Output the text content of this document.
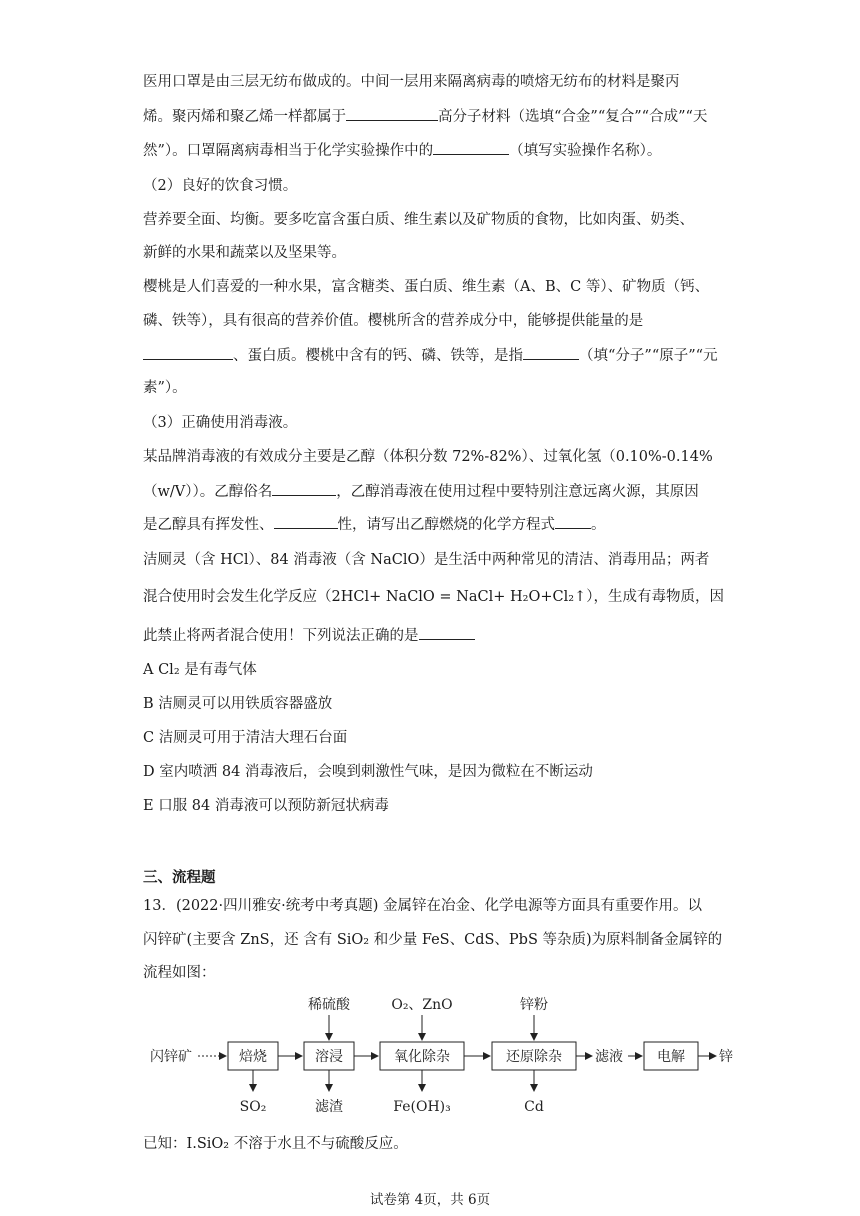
医用口罩是由三层无纺布做成的。中间一层用来隔离病毒的喷熔无纺布的材料是聚丙
烯。聚丙烯和聚乙烯一样都属于	高分子材料（选填“合金”“复合”“合成”“天
然”）。口罩隔离病毒相当于化学实验操作中的	（填写实验操作名称）。
（2）良好的饮食习惯。
营养要全面、均衡。要多吃富含蛋白质、维生素以及矿物质的食物，比如肉蛋、奶类、
新鲜的水果和蔬菜以及坚果等。
樱桃是人们喜爱的一种水果，富含糖类、蛋白质、维生素（A、B、C 等）、矿物质（钙、
磷、铁等），具有很高的营养价值。樱桃所含的营养成分中，能够提供能量的是
、蛋白质。樱桃中含有的钙、磷、铁等，是指	（填“分子”“原子”“元
素”）。
（3）正确使用消毒液。
某品牌消毒液的有效成分主要是乙醇（体积分数 72%-82%）、过氧化氢（0.10%-0.14%
（w/V））。乙醇俗名	，乙醇消毒液在使用过程中要特别注意远离火源，其原因
是乙醇具有挥发性、	性，请写出乙醇燃烧的化学方程式 。
洁厕灵（含 HCl）、84 消毒液（含 NaClO）是生活中两种常见的清洁、消毒用品；两者
混合使用时会发生化学反应（2HCl+ NaClO = NaCl+ H₂O+Cl₂↑），生成有毒物质，因
此禁止将两者混合使用！下列说法正确的是
A Cl₂ 是有毒气体
B 洁厕灵可以用铁质容器盛放
C 洁厕灵可用于清洁大理石台面
D 室内喷洒 84 消毒液后，会嗅到刺激性气味，是因为微粒在不断运动
E 口服 84 消毒液可以预防新冠状病毒
三、流程题
13．(2022·四川雅安·统考中考真题) 金属锌在冶金、化学电源等方面具有重要作用。以
闪锌矿(主要含 ZnS，还 含有 SiO₂ 和少量 FeS、CdS、PbS 等杂质)为原料制备金属锌的
流程如图：
闪锌矿	焙烧	溶浸	氧化除杂	还原除杂 滤液 电解 锌
稀硫酸	O₂、ZnO	锌粉
SO₂	滤渣	Fe(OH)₃	Cd
已知：I.SiO₂ 不溶于水且不与硫酸反应。
试卷第 4页，共 6页
